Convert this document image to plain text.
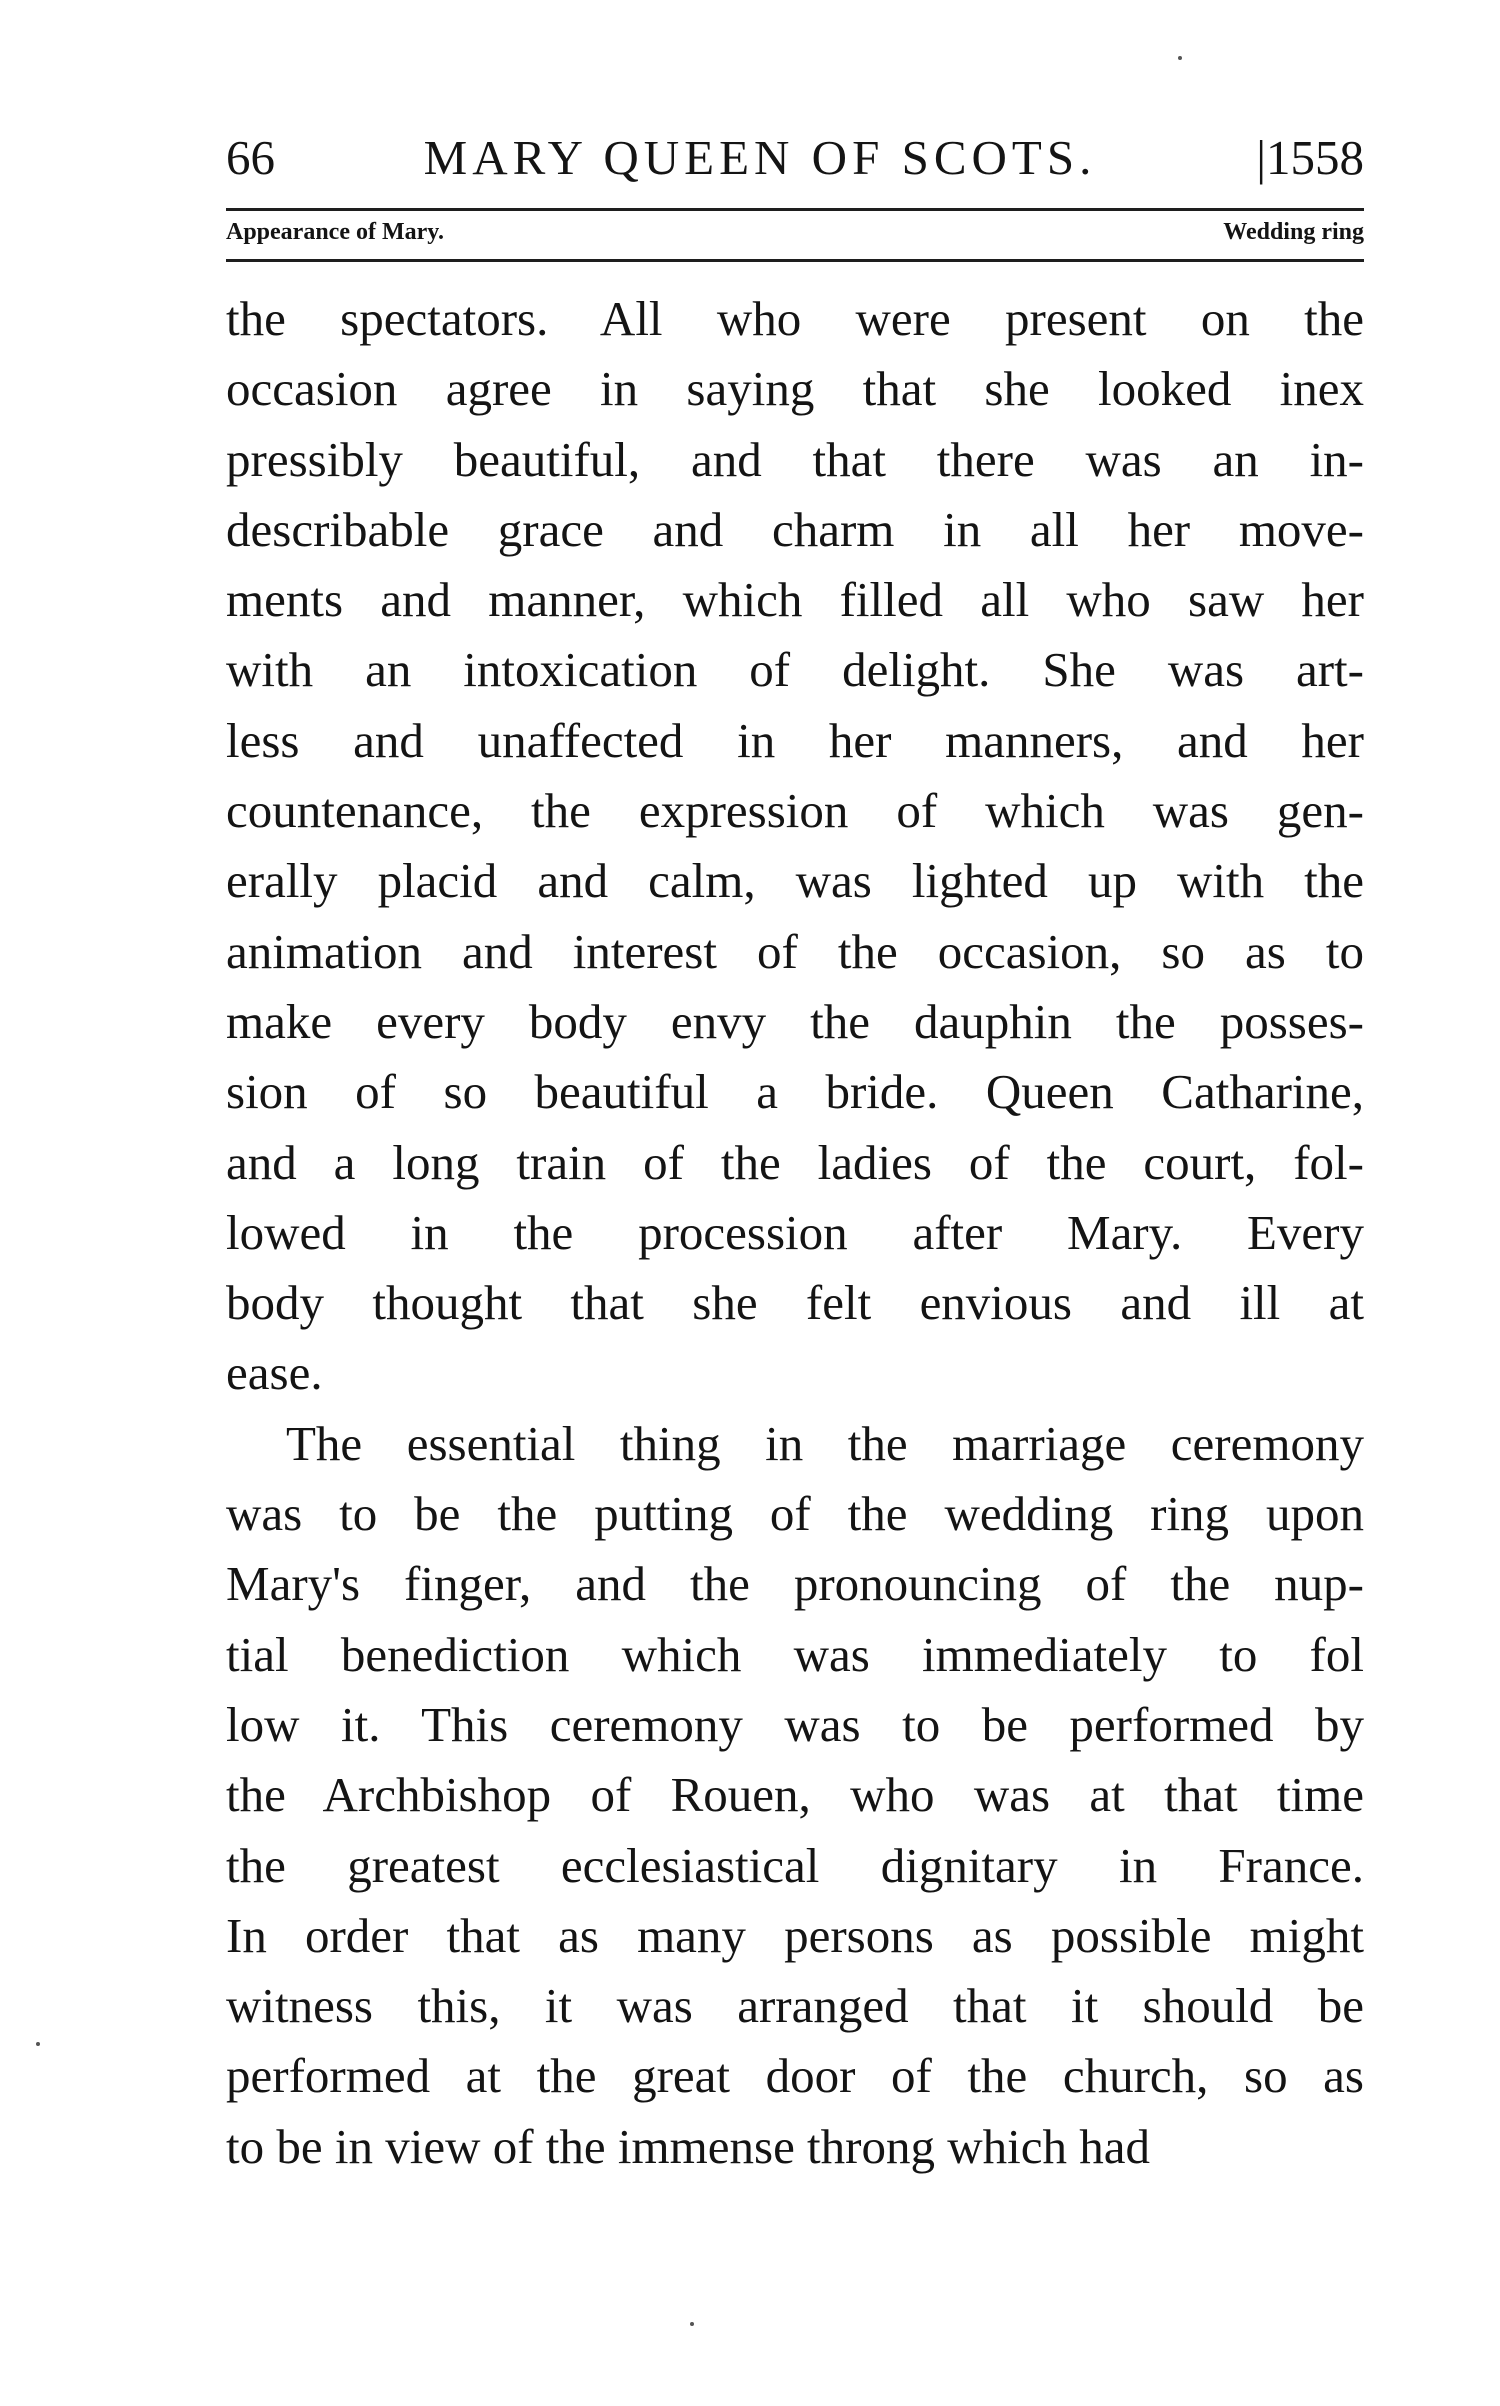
66	MARY QUEEN OF SCOTS.	|1558
Appearance of Mary.	Wedding ring

the spectators. All who were present on the
occasion agree in saying that she looked inex
pressibly beautiful, and that there was an in-
describable grace and charm in all her move-
ments and manner, which filled all who saw her
with an intoxication of delight. She was art-
less and unaffected in her manners, and her
countenance, the expression of which was gen-
erally placid and calm, was lighted up with the
animation and interest of the occasion, so as to
make every body envy the dauphin the posses-
sion of so beautiful a bride. Queen Catharine,
and a long train of the ladies of the court, fol-
lowed in the procession after Mary. Every
body thought that she felt envious and ill at
ease.

The essential thing in the marriage ceremony
was to be the putting of the wedding ring upon
Mary's finger, and the pronouncing of the nup-
tial benediction which was immediately to fol
low it. This ceremony was to be performed by
the Archbishop of Rouen, who was at that time
the greatest ecclesiastical dignitary in France.
In order that as many persons as possible might
witness this, it was arranged that it should be
performed at the great door of the church, so as
to be in view of the immense throng which had
